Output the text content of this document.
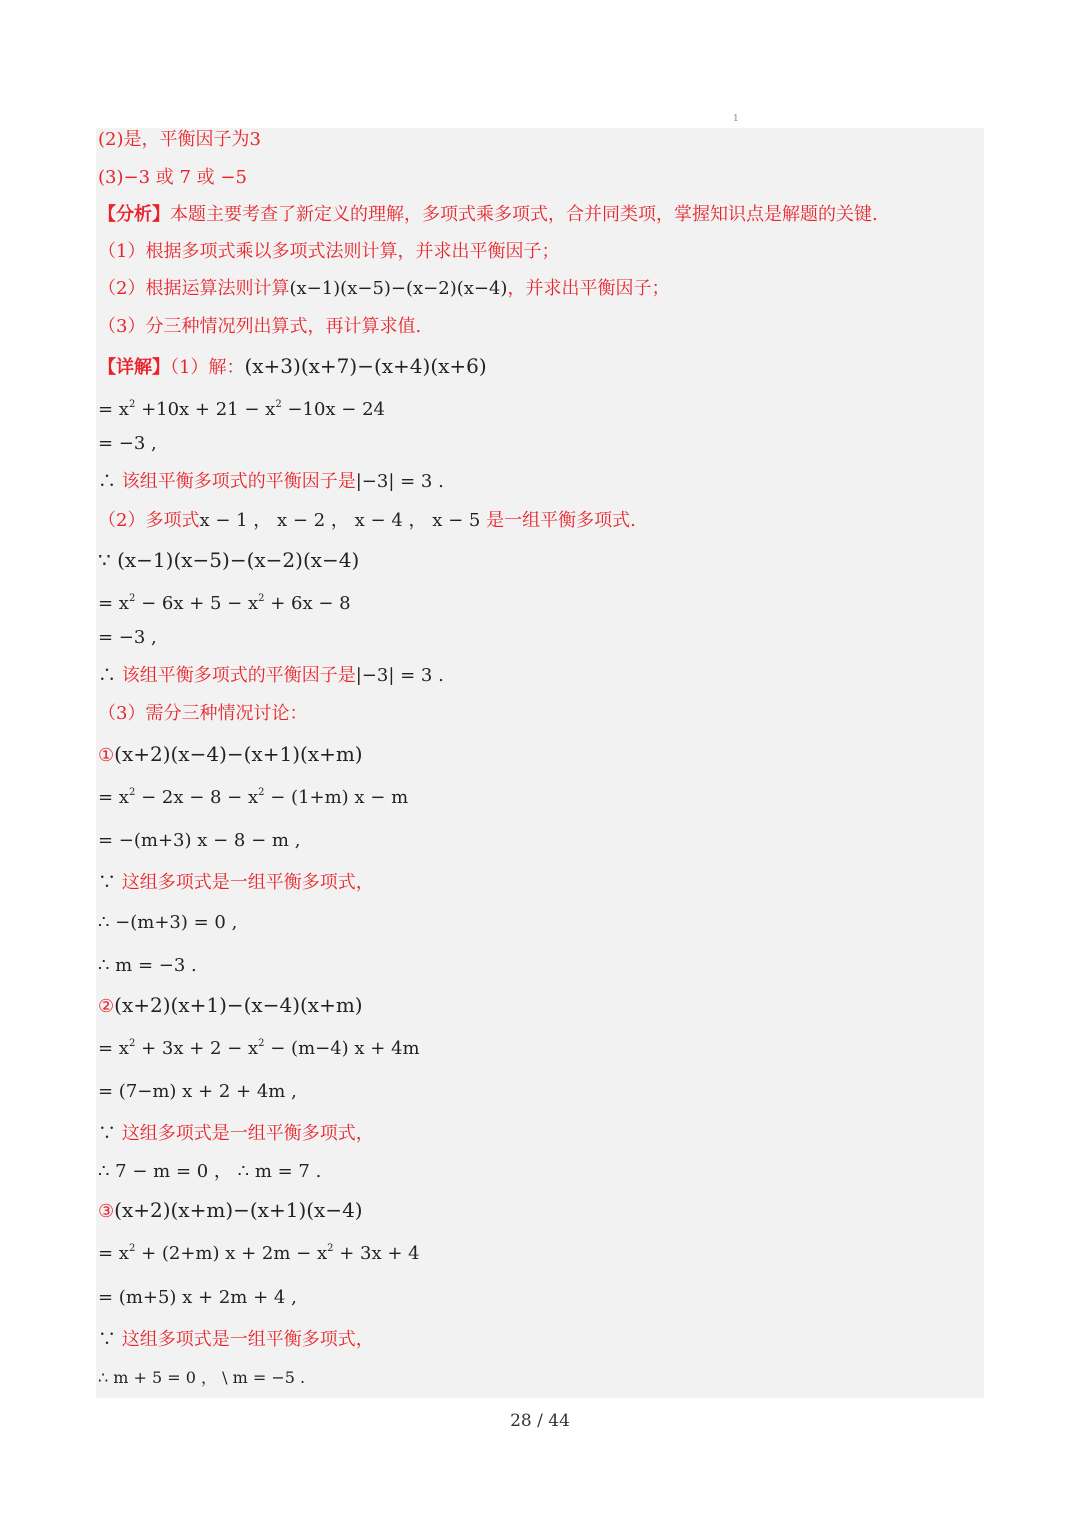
1
(2)是，平衡因子为3
(3)−3 或 7 或 −5
【分析】本题主要考查了新定义的理解，多项式乘多项式，合并同类项，掌握知识点是解题的关键.
（1）根据多项式乘以多项式法则计算，并求出平衡因子；
（2）根据运算法则计算(x−1)(x−5)−(x−2)(x−4)，并求出平衡因子；
（3）分三种情况列出算式，再计算求值.
【详解】（1）解：(x+3)(x+7)−(x+4)(x+6)
= $x^2 +10x + 21 - x^2 -10x - 24$
= −3 ,
∴ 该组平衡多项式的平衡因子是|−3| = 3 .
（2）多项式x − 1 ， x − 2 ， x − 4 ， x − 5 是一组平衡多项式.
∵ (x−1)(x−5)−(x−2)(x−4)
= $x^2 - 6x + 5 - x^2 + 6x - 8$
= −3 ,
∴ 该组平衡多项式的平衡因子是|−3| = 3 .
（3）需分三种情况讨论：
①(x+2)(x−4)−(x+1)(x+m)
= $x^2 - 2x - 8 - x^2 - (1+m) x - m$
= −(m+3) x − 8 − m ,
∵ 这组多项式是一组平衡多项式，
∴ −(m+3) = 0 ,
∴ m = −3 .
②(x+2)(x+1)−(x−4)(x+m)
= $x^2 + 3x + 2 - x^2 - (m-4) x + 4m$
= (7−m) x + 2 + 4m ,
∵ 这组多项式是一组平衡多项式，
∴ 7 − m = 0 ， ∴ m = 7 .
③(x+2)(x+m)−(x+1)(x−4)
= $x^2 + (2+m) x + 2m - x^2 + 3x + 4$
= (m+5) x + 2m + 4 ,
∵ 这组多项式是一组平衡多项式，
∴ m + 5 = 0 ， \ m = −5 .
28 / 44
